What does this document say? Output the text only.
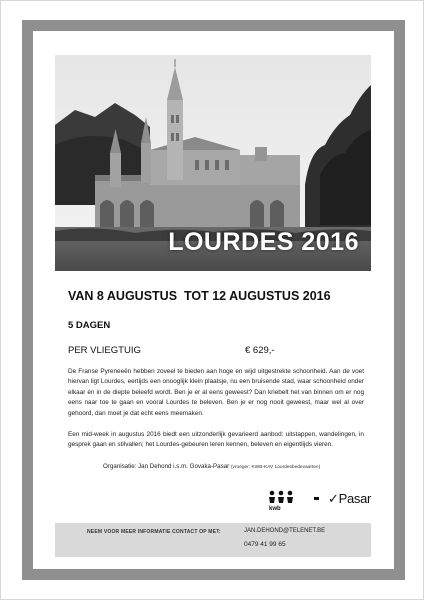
LOURDES 2016
VAN 8 AUGUSTUS  TOT 12 AUGUSTUS 2016
5 DAGEN
PER VLIEGTUIG	€ 629,-

De Franse Pyreneeën hebben zoveel te bieden aan hoge en wijd uitgestrekte schoonheid. Aan de voet hiervan ligt Lourdes, eertijds een onooglijk klein plaatsje, nu een bruisende stad, waar schoonheid onder elkaar én in de diepte beleefd wordt. Ben je er al eens geweest? Dan kriebelt het van binnen om er nog eens naar toe te gaan en vooral Lourdes te beleven. Ben je er nog nooit geweest, maar wel al over gehoord, dan moet je dat echt eens meemaken.

Een mid-week in augustus 2016 biedt een uitzonderlijk gevarieerd aanbod: uitstappen, wandelingen, in gesprek gaan en stilvallen; het Lourdes-gebeuren leren kennen, beleven en eigentlijds vieren.

Organisatie: Jan Dehond i.s.m. Govaka-Pasar (vroeger: KWB-KAV Lourdesbedevaarten)
kwb
✓Pasar
NEEM VOOR MEER INFORMATIE CONTACT OP MET:	JAN.DEHOND@TELENET.BE
0479 41 99 65
